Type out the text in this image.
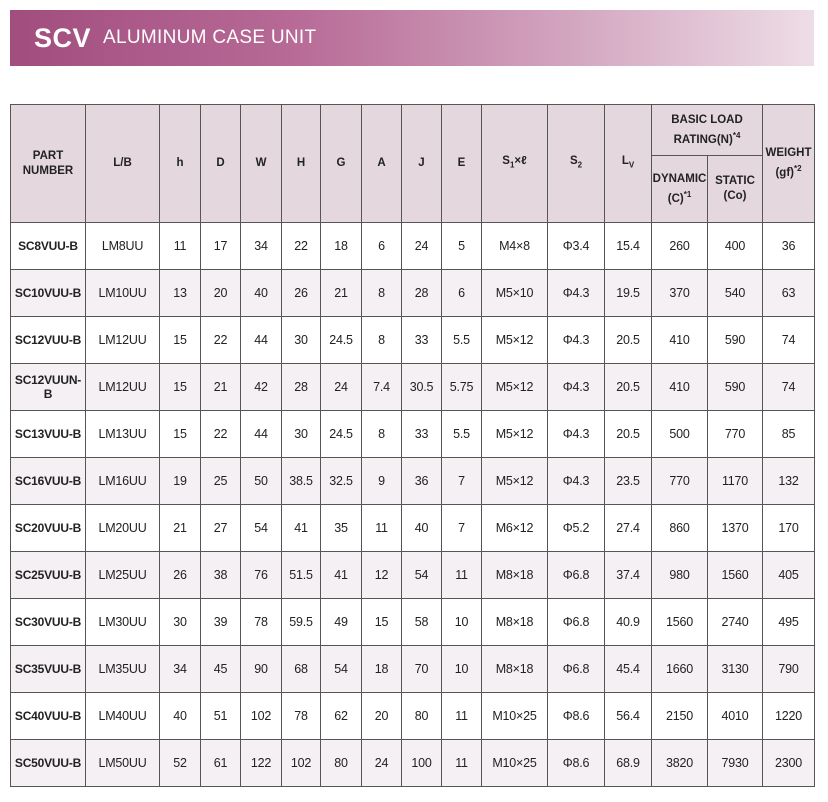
SCV ALUMINUM CASE UNIT
PART NUMBER	L/B	h	D	W	H	G	A	J	E	$S_1\times\ell$	$S_2$	$L_V$	BASIC LOAD $RATING(N)^{*4}$		WEIGHT (gf)$^{*2}$
													DYNAMIC $(C)^{*1}$	STATIC (Co)	
SC8VUU-B	LM8UU	11	17	34	22	18	6	24	5	M4×8	Φ3.4	15.4	260	400	36
SC10VUU-B	LM10UU	13	20	40	26	21	8	28	6	M5×10	Φ4.3	19.5	370	540	63
SC12VUU-B	LM12UU	15	22	44	30	24.5	8	33	5.5	M5×12	Φ4.3	20.5	410	590	74
SC12VUUN-B	LM12UU	15	21	42	28	24	7.4	30.5	5.75	M5×12	Φ4.3	20.5	410	590	74
SC13VUU-B	LM13UU	15	22	44	30	24.5	8	33	5.5	M5×12	Φ4.3	20.5	500	770	85
SC16VUU-B	LM16UU	19	25	50	38.5	32.5	9	36	7	M5×12	Φ4.3	23.5	770	1170	132
SC20VUU-B	LM20UU	21	27	54	41	35	11	40	7	M6×12	Φ5.2	27.4	860	1370	170
SC25VUU-B	LM25UU	26	38	76	51.5	41	12	54	11	M8×18	Φ6.8	37.4	980	1560	405
SC30VUU-B	LM30UU	30	39	78	59.5	49	15	58	10	M8×18	Φ6.8	40.9	1560	2740	495
SC35VUU-B	LM35UU	34	45	90	68	54	18	70	10	M8×18	Φ6.8	45.4	1660	3130	790
SC40VUU-B	LM40UU	40	51	102	78	62	20	80	11	M10×25	Φ8.6	56.4	2150	4010	1220
SC50VUU-B	LM50UU	52	61	122	102	80	24	100	11	M10×25	Φ8.6	68.9	3820	7930	2300
